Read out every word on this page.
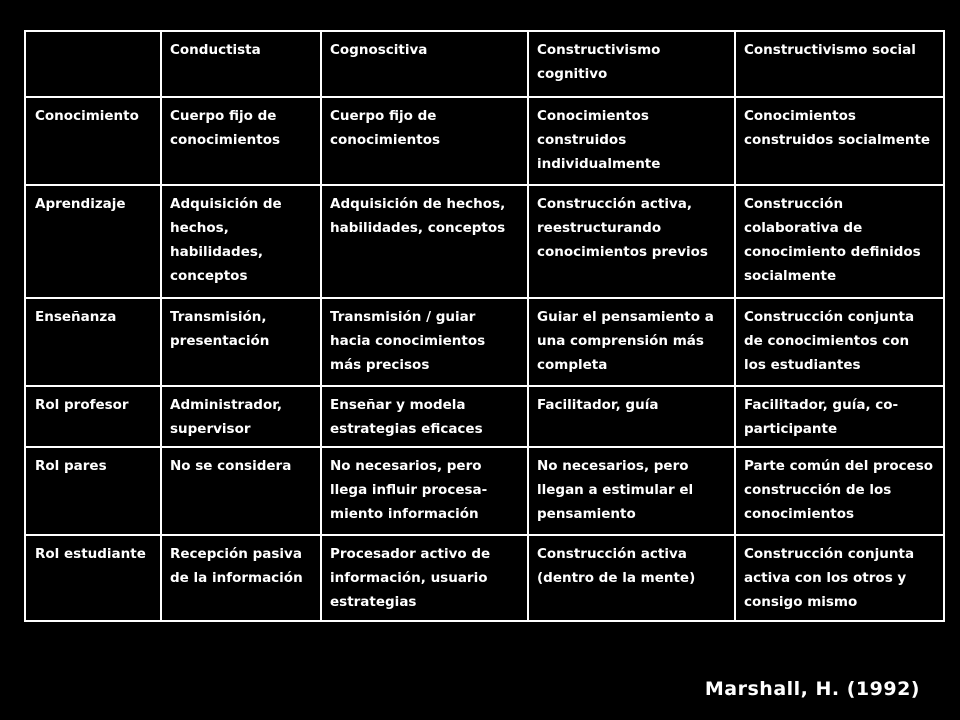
	Conductista	Cognoscitiva	Constructivismo cognitivo	Constructivismo social
Conocimiento	Cuerpo fijo de conocimientos	Cuerpo fijo de conocimientos	Conocimientos construidos individualmente	Conocimientos construidos socialmente
Aprendizaje	Adquisición de hechos, habilidades, conceptos	Adquisición de hechos, habilidades, conceptos	Construcción activa, reestructurando conocimientos previos	Construcción colaborativa de conocimiento definidos socialmente
Enseñanza	Transmisión, presentación	Transmisión / guiar hacia conocimientos más precisos	Guiar el pensamiento a una comprensión más completa	Construcción conjunta de conocimientos con los estudiantes
Rol profesor	Administrador, supervisor	Enseñar y modela estrategias eficaces	Facilitador, guía	Facilitador, guía, co-participante
Rol pares	No se considera	No necesarios, pero llega influir procesa-miento información	No necesarios, pero llegan a estimular el pensamiento	Parte común del proceso construcción de los conocimientos
Rol estudiante	Recepción pasiva de la información	Procesador activo de información, usuario estrategias	Construcción activa (dentro de la mente)	Construcción conjunta activa con los otros y consigo mismo
Marshall, H. (1992)
